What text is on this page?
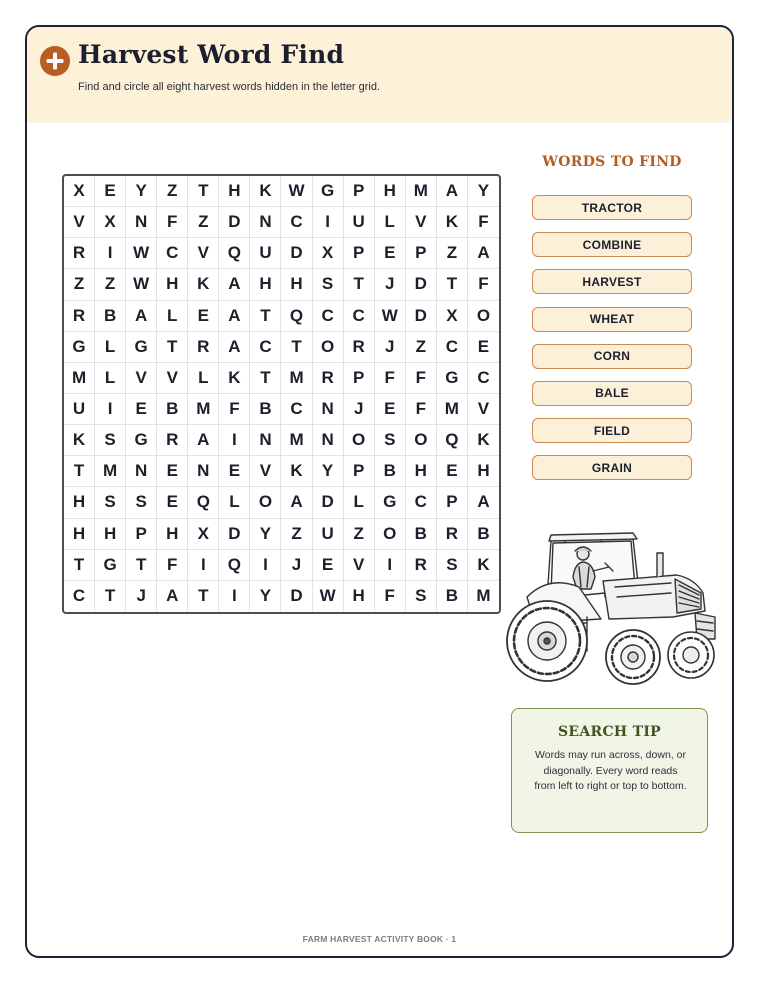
Harvest Word Find
Find and circle all eight harvest words hidden in the letter grid.
X	E	Y	Z	T	H	K W G	P	H	M	A	Y
V	X	N	F	Z	D	N	C	I	U	L	V	K	F
R	I	W C	V	Q	U	D	X	P	E	P	Z	A
Z	Z	W H	K	A	H	H	S	T	J	D	T	F
R	B	A	L	E	A	T	Q	C	C W D	X	O
G	L	G	T	R	A	C	T	O	R	J	Z	C	E
M	L	V	V	L	K	T	M	R	P	F	F	G	C
U	I	E	B	M	F	B	C	N	J	E	F	M	V
K	S	G	R	A	I	N	M	N	O	S	O	Q	K
T	M	N	E	N	E	V	K	Y	P	B	H	E	H
H	S	S	E	Q	L	O	A	D	L	G	C	P	A
H	H	P	H	X	D	Y	Z	U	Z	O	B	R	B
T	G	T	F	I	Q	I	J	E	V	I	R	S	K
C	T	J	A	T	I	Y	D W H	F	S	B	M
WORDS TO FIND
TRACTOR
COMBINE
HARVEST
WHEAT
CORN
BALE
FIELD
GRAIN
SEARCH TIP
Words may run across, down, or diagonally. Every word reads from left to right or top to bottom.
FARM HARVEST ACTIVITY BOOK · 1
